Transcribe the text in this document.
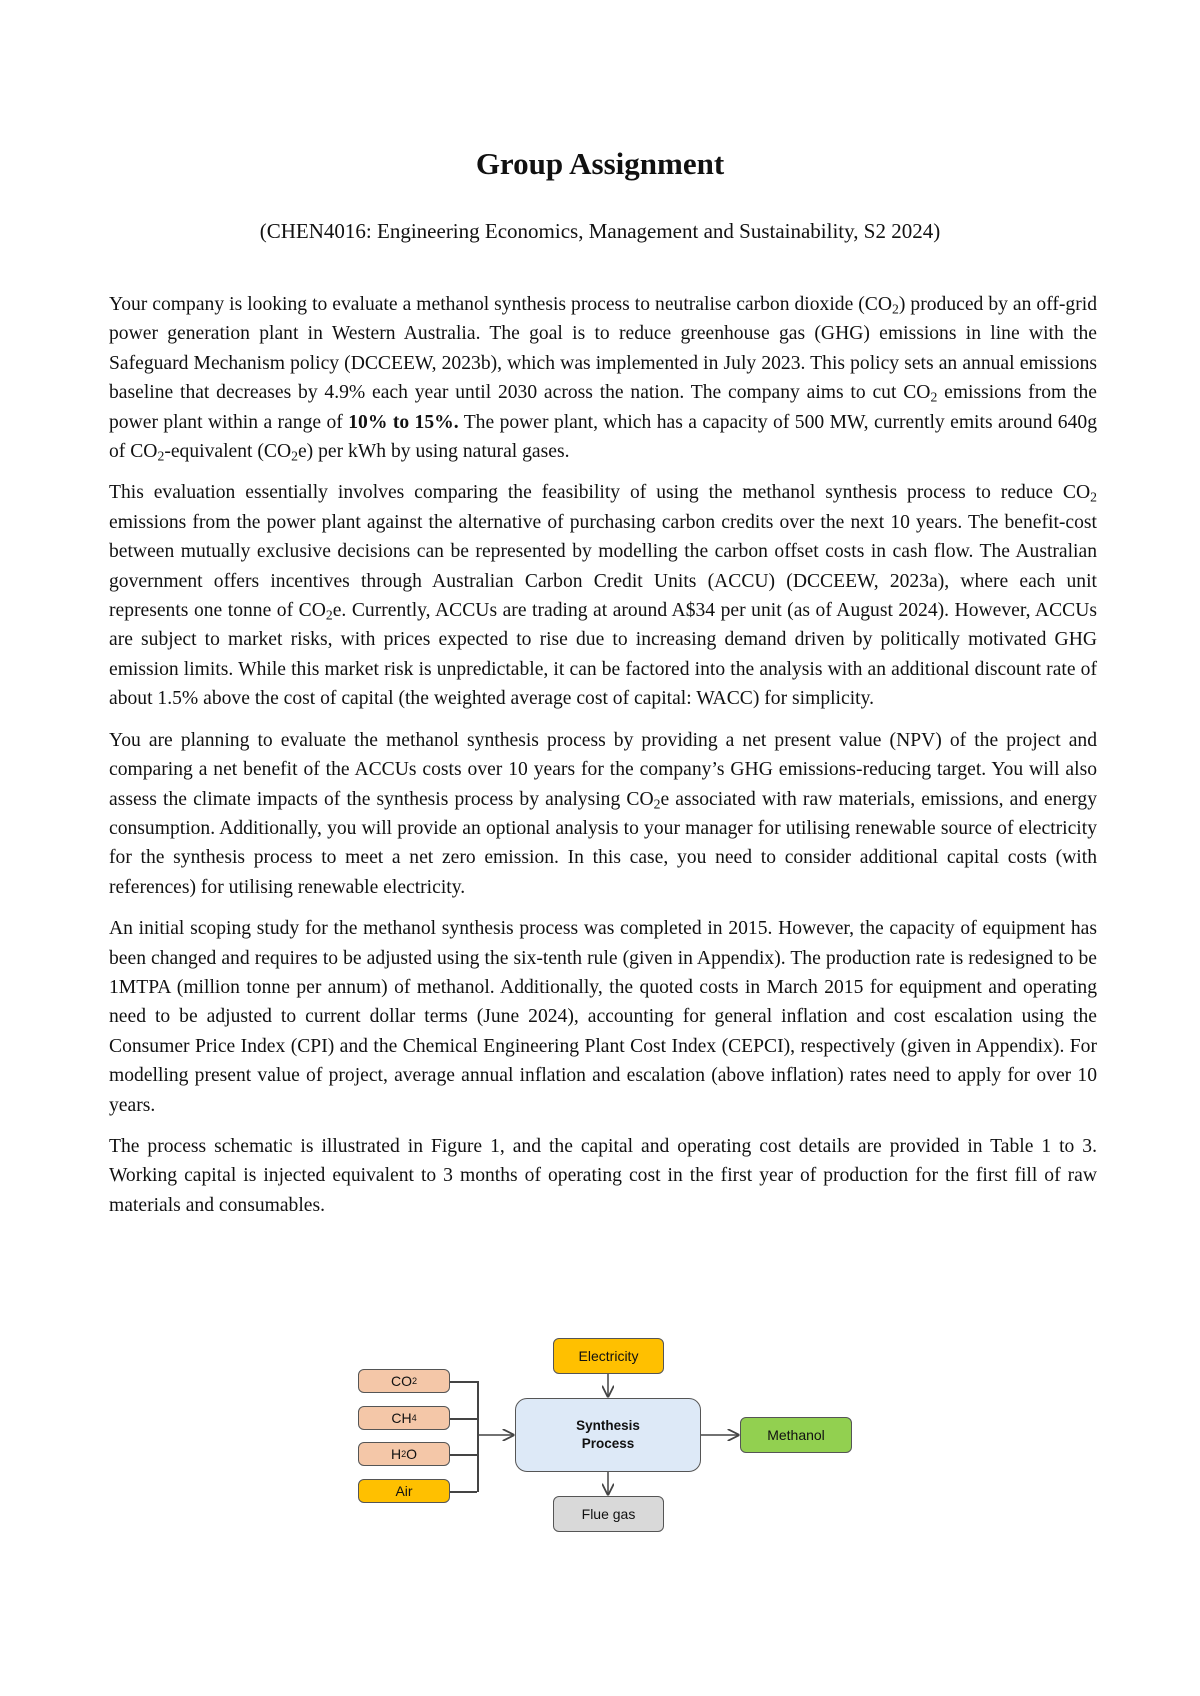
Group Assignment
(CHEN4016: Engineering Economics, Management and Sustainability, S2 2024)

Your company is looking to evaluate a methanol synthesis process to neutralise carbon dioxide $(CO_2)$ produced by an off-grid power generation plant in Western Australia. The goal is to reduce greenhouse gas (GHG) emissions in line with the Safeguard Mechanism policy (DCCEEW, 2023b), which was implemented in July 2023. This policy sets an annual emissions baseline that decreases by 4.9% each year until 2030 across the nation. The company aims to cut $CO_2$ emissions from the power plant within a range of 10% to 15%. The power plant, which has a capacity of 500 MW, currently emits around 640g of $CO_2$-equivalent $(CO_2e)$ per kWh by using natural gases.

This evaluation essentially involves comparing the feasibility of using the methanol synthesis process to reduce $CO_2$ emissions from the power plant against the alternative of purchasing carbon credits over the next 10 years. The benefit-cost between mutually exclusive decisions can be represented by modelling the carbon offset costs in cash flow. The Australian government offers incentives through Australian Carbon Credit Units (ACCU) (DCCEEW, 2023a), where each unit represents one tonne of $CO_2e$. Currently, ACCUs are trading at around A$34 per unit (as of August 2024). However, ACCUs are subject to market risks, with prices expected to rise due to increasing demand driven by politically motivated GHG emission limits. While this market risk is unpredictable, it can be factored into the analysis with an additional discount rate of about 1.5% above the cost of capital (the weighted average cost of capital: WACC) for simplicity.

You are planning to evaluate the methanol synthesis process by providing a net present value (NPV) of the project and comparing a net benefit of the ACCUs costs over 10 years for the company’s GHG emissions-reducing target. You will also assess the climate impacts of the synthesis process by analysing $CO_2e$ associated with raw materials, emissions, and energy consumption. Additionally, you will provide an optional analysis to your manager for utilising renewable source of electricity for the synthesis process to meet a net zero emission. In this case, you need to consider additional capital costs (with references) for utilising renewable electricity.

An initial scoping study for the methanol synthesis process was completed in 2015. However, the capacity of equipment has been changed and requires to be adjusted using the six-tenth rule (given in Appendix). The production rate is redesigned to be 1MTPA (million tonne per annum) of methanol. Additionally, the quoted costs in March 2015 for equipment and operating need to be adjusted to current dollar terms (June 2024), accounting for general inflation and cost escalation using the Consumer Price Index (CPI) and the Chemical Engineering Plant Cost Index (CEPCI), respectively (given in Appendix). For modelling present value of project, average annual inflation and escalation (above inflation) rates need to apply for over 10 years.

The process schematic is illustrated in Figure 1, and the capital and operating cost details are provided in Table 1 to 3. Working capital is injected equivalent to 3 months of operating cost in the first year of production for the first fill of raw materials and consumables.

CO 2
CH 4
H 2 O
Air
Electricity
Synthesis
Process
Methanol
Flue gas
